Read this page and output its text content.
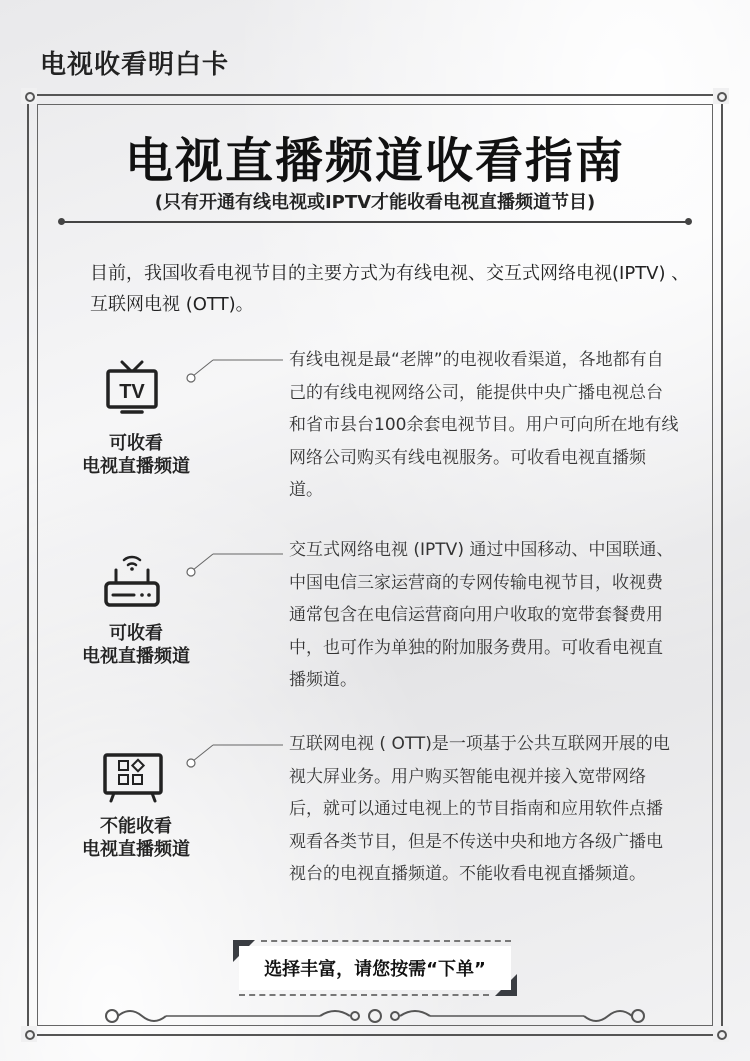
电视收看明白卡
电视直播频道收看指南
(只有开通有线电视或IPTV才能收看电视直播频道节目)
目前，我国收看电视节目的主要方式为有线电视、交互式网络电视(IPTV) 、互联网电视 (OTT)。
TV
可收看
电视直播频道
有线电视是最“老牌”的电视收看渠道，各地都有自己的有线电视网络公司，能提供中央广播电视总台和省市县台100余套电视节目。用户可向所在地有线网络公司购买有线电视服务。可收看电视直播频道。
可收看
电视直播频道
交互式网络电视 (IPTV) 通过中国移动、中国联通、中国电信三家运营商的专网传输电视节目，收视费通常包含在电信运营商向用户收取的宽带套餐费用中，也可作为单独的附加服务费用。可收看电视直播频道。
不能收看
电视直播频道
互联网电视 ( OTT)是一项基于公共互联网开展的电视大屏业务。用户购买智能电视并接入宽带网络后，就可以通过电视上的节目指南和应用软件点播观看各类节目，但是不传送中央和地方各级广播电视台的电视直播频道。不能收看电视直播频道。
选择丰富，请您按需“下单”
